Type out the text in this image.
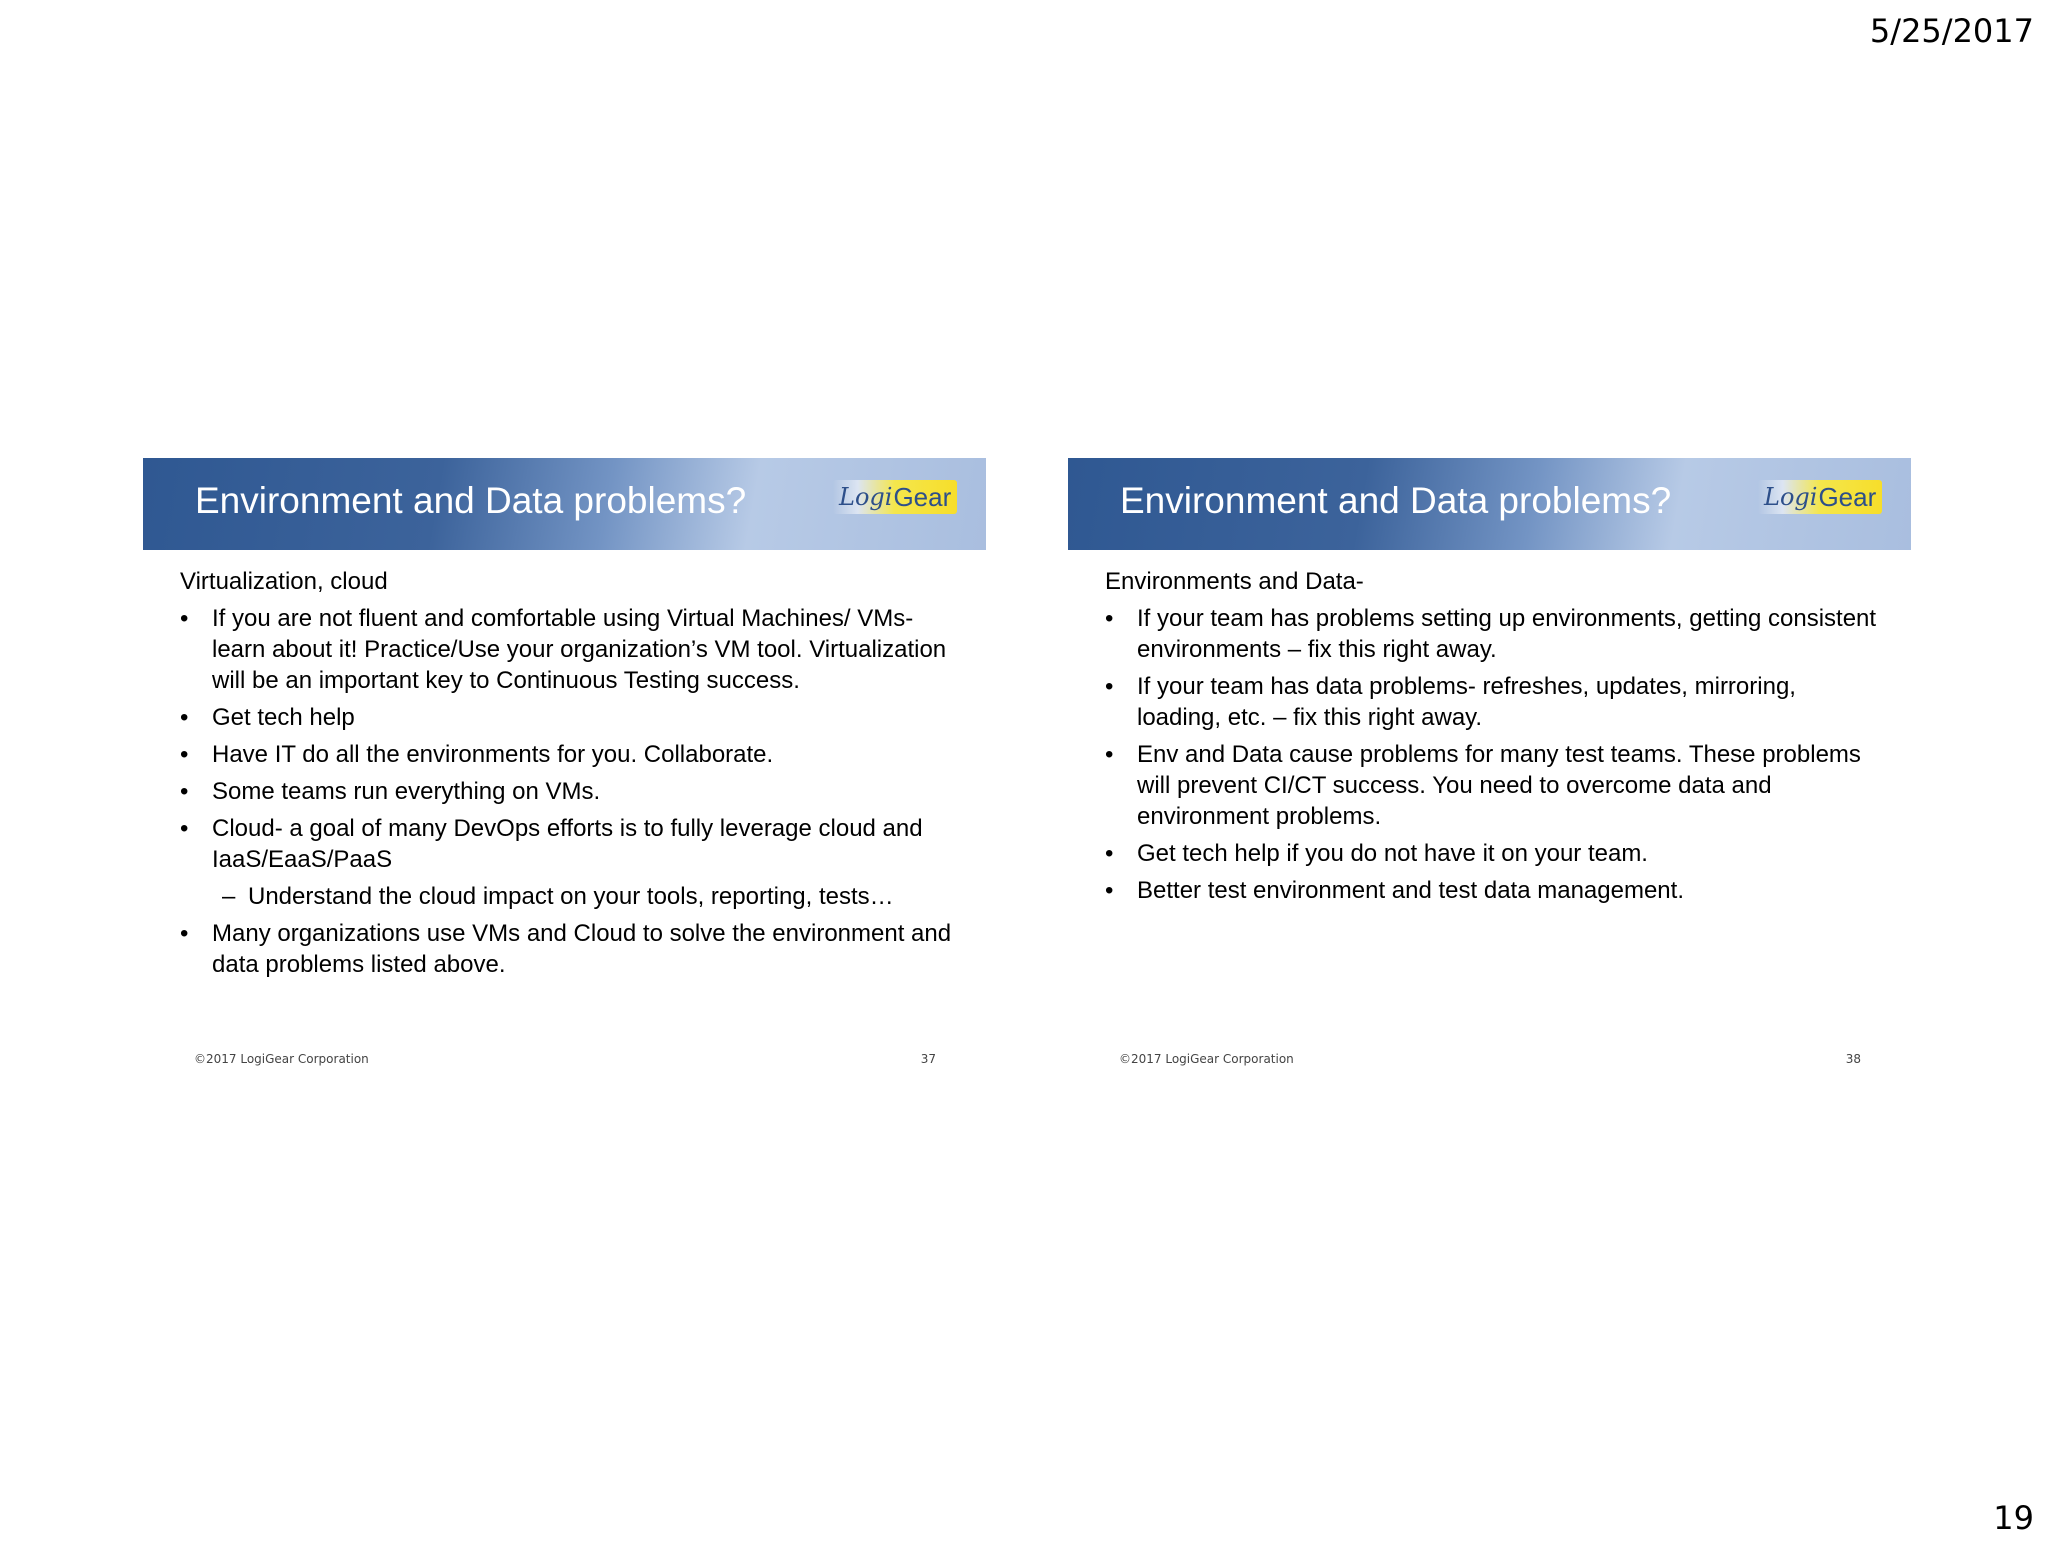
5/25/2017
Environment and Data problems?	Logi Gear
Virtualization, cloud
• If you are not fluent and comfortable using Virtual Machines/ VMs- learn about it! Practice/Use your organization’s VM tool. Virtualization will be an important key to Continuous Testing success.
• Get tech help
• Have IT do all the environments for you. Collaborate.
• Some teams run everything on VMs.
• Cloud- a goal of many DevOps efforts is to fully leverage cloud and IaaS/EaaS/PaaS
– Understand the cloud impact on your tools, reporting, tests…
• Many organizations use VMs and Cloud to solve the environment and data problems listed above.
©2017 LogiGear Corporation	37
Environment and Data problems?	Logi Gear
Environments and Data-
• If your team has problems setting up environments, getting consistent environments – fix this right away.
• If your team has data problems- refreshes, updates, mirroring, loading, etc. – fix this right away.
• Env and Data cause problems for many test teams. These problems will prevent CI/CT success. You need to overcome data and environment problems.
• Get tech help if you do not have it on your team.
• Better test environment and test data management.
©2017 LogiGear Corporation	38
19
